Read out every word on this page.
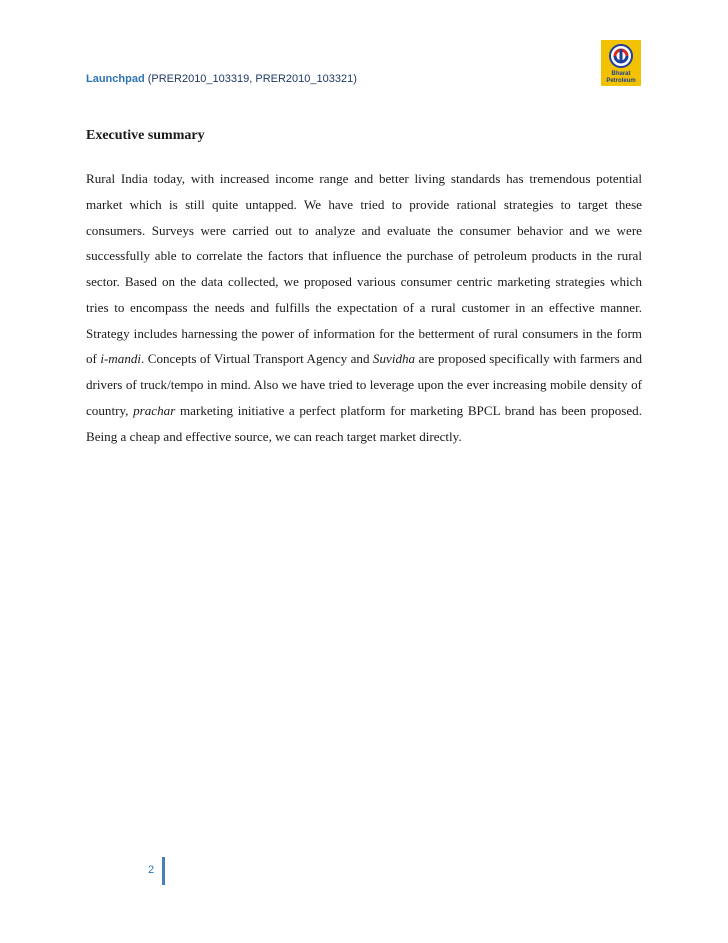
Launchpad (PRER2010_103319, PRER2010_103321)	Bharat
Petroleum
Executive summary
Rural India today, with increased income range and better living standards has tremendous potential market which is still quite untapped. We have tried to provide rational strategies to target these consumers. Surveys were carried out to analyze and evaluate the consumer behavior and we were successfully able to correlate the factors that influence the purchase of petroleum products in the rural sector. Based on the data collected, we proposed various consumer centric marketing strategies which tries to encompass the needs and fulfills the expectation of a rural customer in an effective manner. Strategy includes harnessing the power of information for the betterment of rural consumers in the form of i-mandi. Concepts of Virtual Transport Agency and Suvidha are proposed specifically with farmers and drivers of truck/tempo in mind. Also we have tried to leverage upon the ever increasing mobile density of country, prachar marketing initiative a perfect platform for marketing BPCL brand has been proposed. Being a cheap and effective source, we can reach target market directly.
2
